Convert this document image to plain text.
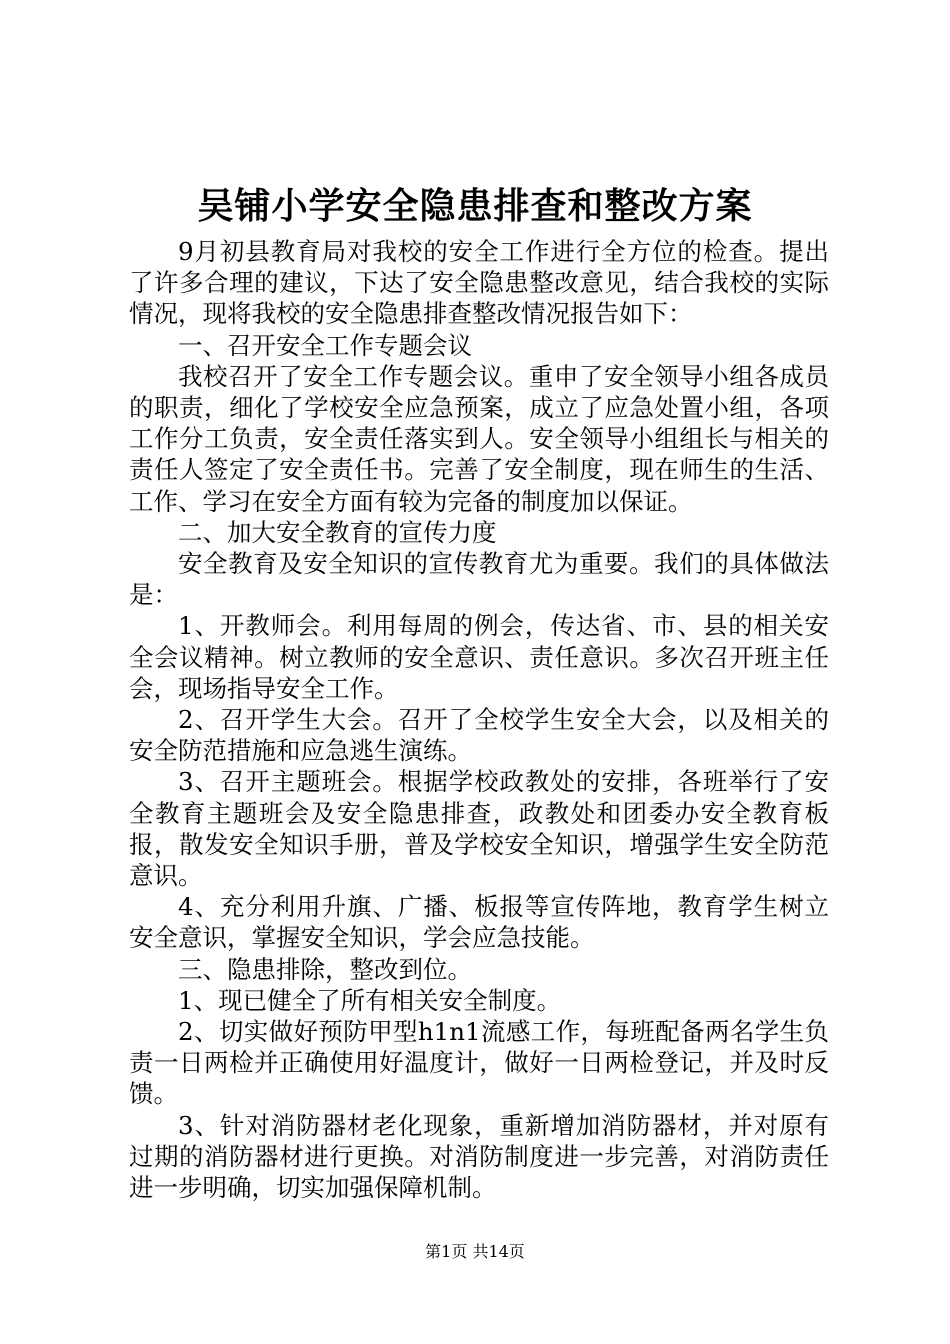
吴铺小学安全隐患排查和整改方案

9月初县教育局对我校的安全工作进行全方位的检查。提出了许多合理的建议，下达了安全隐患整改意见，结合我校的实际情况，现将我校的安全隐患排查整改情况报告如下：

一、召开安全工作专题会议

我校召开了安全工作专题会议。重申了安全领导小组各成员的职责，细化了学校安全应急预案，成立了应急处置小组，各项工作分工负责，安全责任落实到人。安全领导小组组长与相关的责任人签定了安全责任书。完善了安全制度，现在师生的生活、工作、学习在安全方面有较为完备的制度加以保证。

二、加大安全教育的宣传力度

安全教育及安全知识的宣传教育尤为重要。我们的具体做法是：

1、开教师会。利用每周的例会，传达省、市、县的相关安全会议精神。树立教师的安全意识、责任意识。多次召开班主任会，现场指导安全工作。

2、召开学生大会。召开了全校学生安全大会，以及相关的安全防范措施和应急逃生演练。

3、召开主题班会。根据学校政教处的安排，各班举行了安全教育主题班会及安全隐患排查，政教处和团委办安全教育板报，散发安全知识手册，普及学校安全知识，增强学生安全防范意识。

4、充分利用升旗、广播、板报等宣传阵地，教育学生树立安全意识，掌握安全知识，学会应急技能。

三、隐患排除，整改到位。

1、现已健全了所有相关安全制度。

2、切实做好预防甲型h1n1流感工作，每班配备两名学生负责一日两检并正确使用好温度计，做好一日两检登记，并及时反馈。

3、针对消防器材老化现象，重新增加消防器材，并对原有过期的消防器材进行更换。对消防制度进一步完善，对消防责任进一步明确，切实加强保障机制。

第1页 共14页
